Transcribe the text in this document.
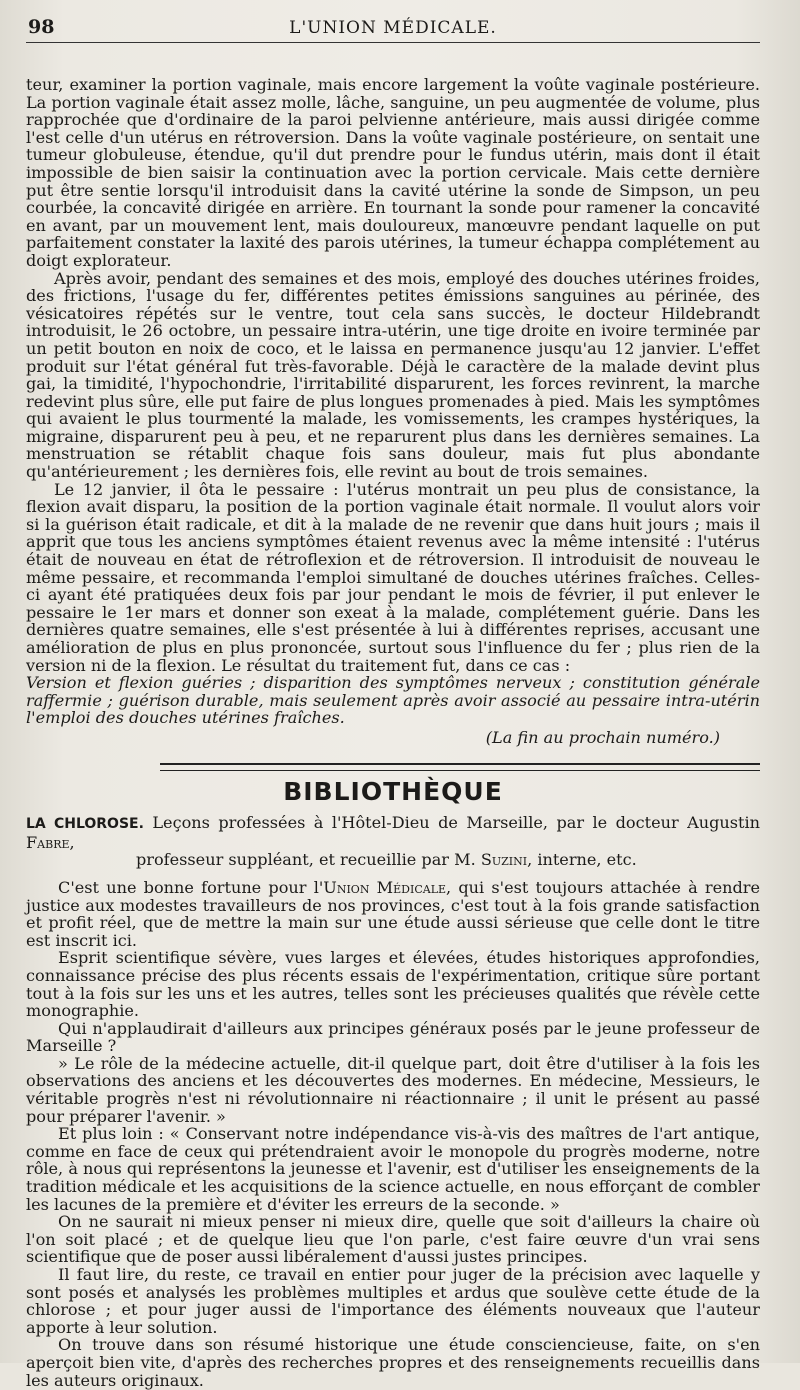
98	L'UNION MÉDICALE.

teur, examiner la portion vaginale, mais encore largement la voûte vaginale postérieure. La portion vaginale était assez molle, lâche, sanguine, un peu augmentée de volume, plus rapprochée que d'ordinaire de la paroi pelvienne antérieure, mais aussi dirigée comme l'est celle d'un utérus en rétroversion. Dans la voûte vaginale postérieure, on sentait une tumeur globuleuse, étendue, qu'il dut prendre pour le fundus utérin, mais dont il était impossible de bien saisir la continuation avec la portion cervicale. Mais cette dernière put être sentie lorsqu'il introduisit dans la cavité utérine la sonde de Simpson, un peu courbée, la concavité dirigée en arrière. En tournant la sonde pour ramener la concavité en avant, par un mouvement lent, mais douloureux, manœuvre pendant laquelle on put parfaitement constater la laxité des parois utérines, la tumeur échappa complétement au doigt explorateur.

Après avoir, pendant des semaines et des mois, employé des douches utérines froides, des frictions, l'usage du fer, différentes petites émissions sanguines au périnée, des vésicatoires répétés sur le ventre, tout cela sans succès, le docteur Hildebrandt introduisit, le 26 octobre, un pessaire intra-utérin, une tige droite en ivoire terminée par un petit bouton en noix de coco, et le laissa en permanence jusqu'au 12 janvier. L'effet produit sur l'état général fut très-favorable. Déjà le caractère de la malade devint plus gai, la timidité, l'hypochondrie, l'irritabilité disparurent, les forces revinrent, la marche redevint plus sûre, elle put faire de plus longues promenades à pied. Mais les symptômes qui avaient le plus tourmenté la malade, les vomissements, les crampes hystériques, la migraine, disparurent peu à peu, et ne reparurent plus dans les dernières semaines. La menstruation se rétablit chaque fois sans douleur, mais fut plus abondante qu'antérieurement ; les dernières fois, elle revint au bout de trois semaines.

Le 12 janvier, il ôta le pessaire : l'utérus montrait un peu plus de consistance, la flexion avait disparu, la position de la portion vaginale était normale. Il voulut alors voir si la guérison était radicale, et dit à la malade de ne revenir que dans huit jours ; mais il apprit que tous les anciens symptômes étaient revenus avec la même intensité : l'utérus était de nouveau en état de rétroflexion et de rétroversion. Il introduisit de nouveau le même pessaire, et recommanda l'emploi simultané de douches utérines fraîches. Celles-ci ayant été pratiquées deux fois par jour pendant le mois de février, il put enlever le pessaire le 1er mars et donner son exeat à la malade, complétement guérie. Dans les dernières quatre semaines, elle s'est présentée à lui à différentes reprises, accusant une amélioration de plus en plus prononcée, surtout sous l'influence du fer ; plus rien de la version ni de la flexion. Le résultat du traitement fut, dans ce cas :

Version et flexion guéries ; disparition des symptômes nerveux ; constitution générale raffermie ; guérison durable, mais seulement après avoir associé au pessaire intra-utérin l'emploi des douches utérines fraîches.

(La fin au prochain numéro.)
BIBLIOTHÈQUE

LA CHLOROSE. Leçons professées à l'Hôtel-Dieu de Marseille, par le docteur Augustin Fabre,
professeur suppléant, et recueillie par M. Suzini, interne, etc.

C'est une bonne fortune pour l'Union Médicale, qui s'est toujours attachée à rendre justice aux modestes travailleurs de nos provinces, c'est tout à la fois grande satisfaction et profit réel, que de mettre la main sur une étude aussi sérieuse que celle dont le titre est inscrit ici.

Esprit scientifique sévère, vues larges et élevées, études historiques approfondies, connaissance précise des plus récents essais de l'expérimentation, critique sûre portant tout à la fois sur les uns et les autres, telles sont les précieuses qualités que révèle cette monographie.

Qui n'applaudirait d'ailleurs aux principes généraux posés par le jeune professeur de Marseille ?

» Le rôle de la médecine actuelle, dit-il quelque part, doit être d'utiliser à la fois les observations des anciens et les découvertes des modernes. En médecine, Messieurs, le véritable progrès n'est ni révolutionnaire ni réactionnaire ; il unit le présent au passé pour préparer l'avenir. »

Et plus loin : « Conservant notre indépendance vis-à-vis des maîtres de l'art antique, comme en face de ceux qui prétendraient avoir le monopole du progrès moderne, notre rôle, à nous qui représentons la jeunesse et l'avenir, est d'utiliser les enseignements de la tradition médicale et les acquisitions de la science actuelle, en nous efforçant de combler les lacunes de la première et d'éviter les erreurs de la seconde. »

On ne saurait ni mieux penser ni mieux dire, quelle que soit d'ailleurs la chaire où l'on soit placé ; et de quelque lieu que l'on parle, c'est faire œuvre d'un vrai sens scientifique que de poser aussi libéralement d'aussi justes principes.

Il faut lire, du reste, ce travail en entier pour juger de la précision avec laquelle y sont posés et analysés les problèmes multiples et ardus que soulève cette étude de la chlorose ; et pour juger aussi de l'importance des éléments nouveaux que l'auteur apporte à leur solution.

On trouve dans son résumé historique une étude consciencieuse, faite, on s'en aperçoit bien vite, d'après des recherches propres et des renseignements recueillis dans les auteurs originaux.
